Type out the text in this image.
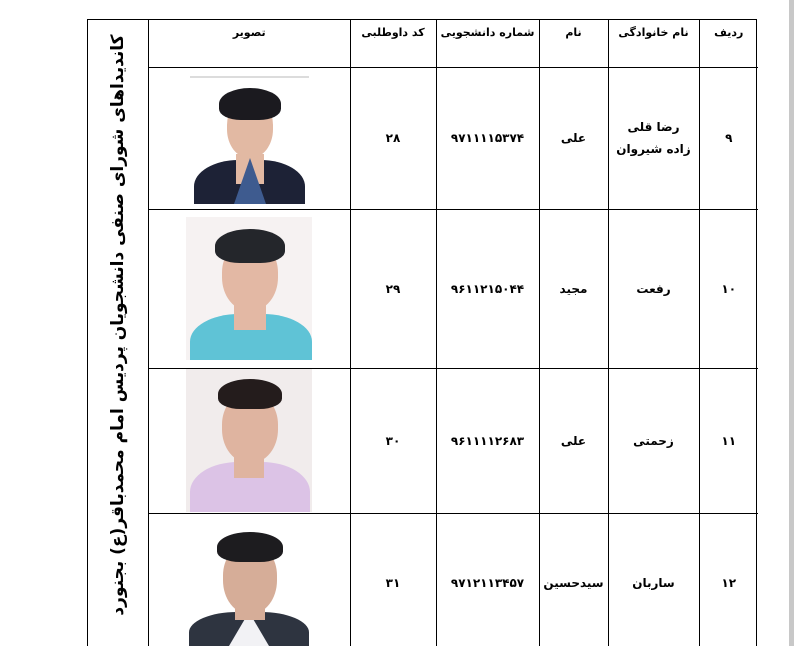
کاندیداهای شورای صنفی دانشجویان پردیس امام محمدباقر(ع) بجنورد
ردیف	نام خانوادگی	نام	شماره دانشجویی	کد داوطلبی	تصویر
۹	رضا قلی زاده شیروان	علی	۹۷۱۱۱۱۵۳۷۴	۲۸	

۱۰	رفعت	مجید	۹۶۱۱۲۱۵۰۴۴	۲۹	

۱۱	زحمتی	علی	۹۶۱۱۱۱۲۶۸۳	۳۰	

۱۲	ساربان	سیدحسین	۹۷۱۲۱۱۳۴۵۷	۳۱	
